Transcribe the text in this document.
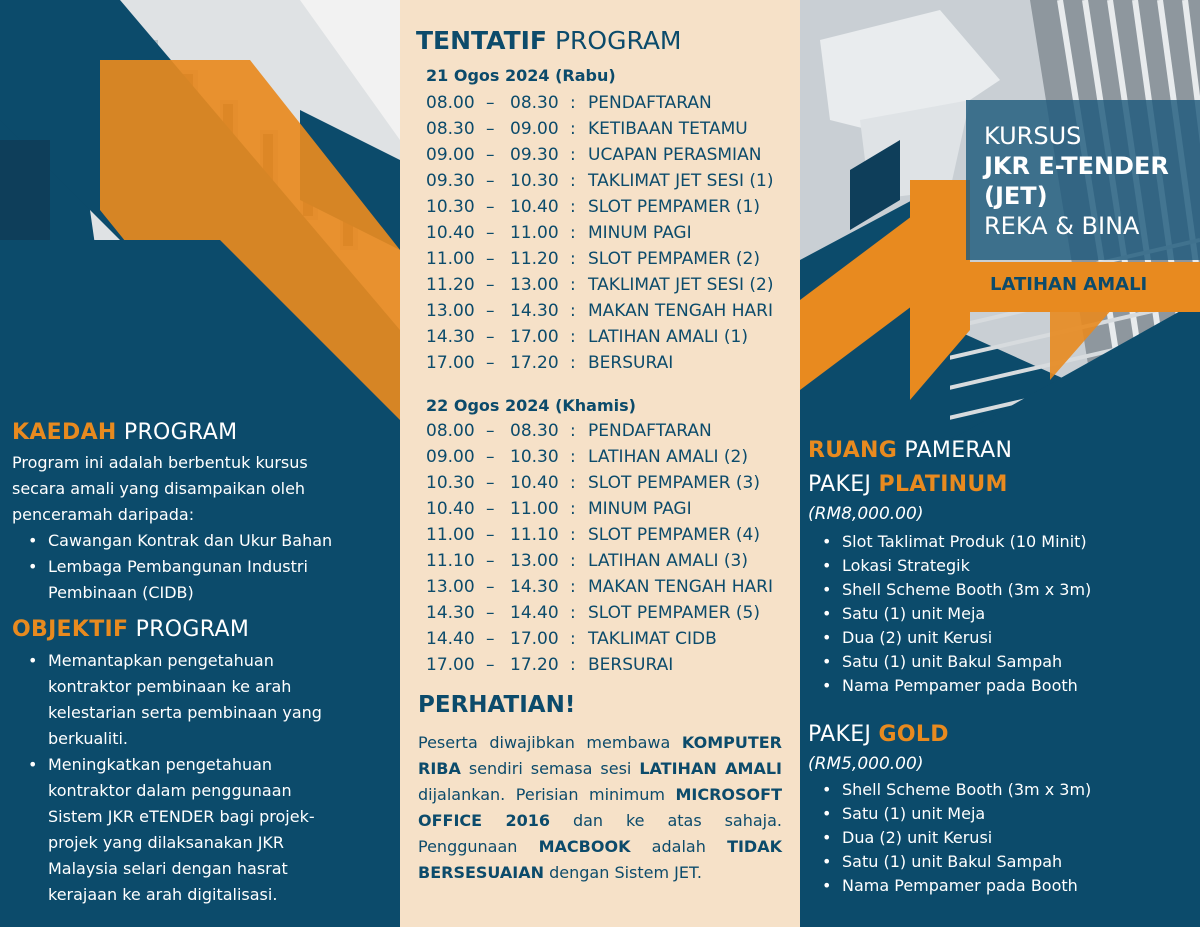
KAEDAH PROGRAM
Program ini adalah berbentuk kursus
secara amali yang disampaikan oleh
penceramah daripada:
• Cawangan Kontrak dan Ukur Bahan
• Lembaga Pembangunan Industri
Pembinaan (CIDB)
OBJEKTIF PROGRAM
• Memantapkan pengetahuan
kontraktor pembinaan ke arah
kelestarian serta pembinaan yang
berkualiti.
• Meningkatkan pengetahuan
kontraktor dalam penggunaan
Sistem JKR eTENDER bagi projek-
projek yang dilaksanakan JKR
Malaysia selari dengan hasrat
kerajaan ke arah digitalisasi.
TENTATIF PROGRAM
21 Ogos 2024 (Rabu)
08.00 – 08.30 : PENDAFTARAN
08.30 – 09.00 : KETIBAAN TETAMU
09.00 – 09.30 : UCAPAN PERASMIAN
09.30 – 10.30 : TAKLIMAT JET SESI (1)
10.30 – 10.40 : SLOT PEMPAMER (1)
10.40 – 11.00 : MINUM PAGI
11.00 – 11.20 : SLOT PEMPAMER (2)
11.20 – 13.00 : TAKLIMAT JET SESI (2)
13.00 – 14.30 : MAKAN TENGAH HARI
14.30 – 17.00 : LATIHAN AMALI (1)
17.00 – 17.20 : BERSURAI
22 Ogos 2024 (Khamis)
08.00 – 08.30 : PENDAFTARAN
09.00 – 10.30 : LATIHAN AMALI (2)
10.30 – 10.40 : SLOT PEMPAMER (3)
10.40 – 11.00 : MINUM PAGI
11.00 – 11.10 : SLOT PEMPAMER (4)
11.10 – 13.00 : LATIHAN AMALI (3)
13.00 – 14.30 : MAKAN TENGAH HARI
14.30 – 14.40 : SLOT PEMPAMER (5)
14.40 – 17.00 : TAKLIMAT CIDB
17.00 – 17.20 : BERSURAI
PERHATIAN!
Peserta diwajibkan membawa KOMPUTER RIBA sendiri semasa sesi LATIHAN AMALI dijalankan. Perisian minimum MICROSOFT OFFICE 2016 dan ke atas sahaja. Penggunaan MACBOOK adalah TIDAK BERSESUAIAN dengan Sistem JET.
KURSUS
JKR E-TENDER
(JET)
REKA & BINA
LATIHAN AMALI
RUANG PAMERAN
PAKEJ PLATINUM
(RM8,000.00)
• Slot Taklimat Produk (10 Minit)
• Lokasi Strategik
• Shell Scheme Booth (3m x 3m)
• Satu (1) unit Meja
• Dua (2) unit Kerusi
• Satu (1) unit Bakul Sampah
• Nama Pempamer pada Booth
PAKEJ GOLD
(RM5,000.00)
• Shell Scheme Booth (3m x 3m)
• Satu (1) unit Meja
• Dua (2) unit Kerusi
• Satu (1) unit Bakul Sampah
• Nama Pempamer pada Booth
